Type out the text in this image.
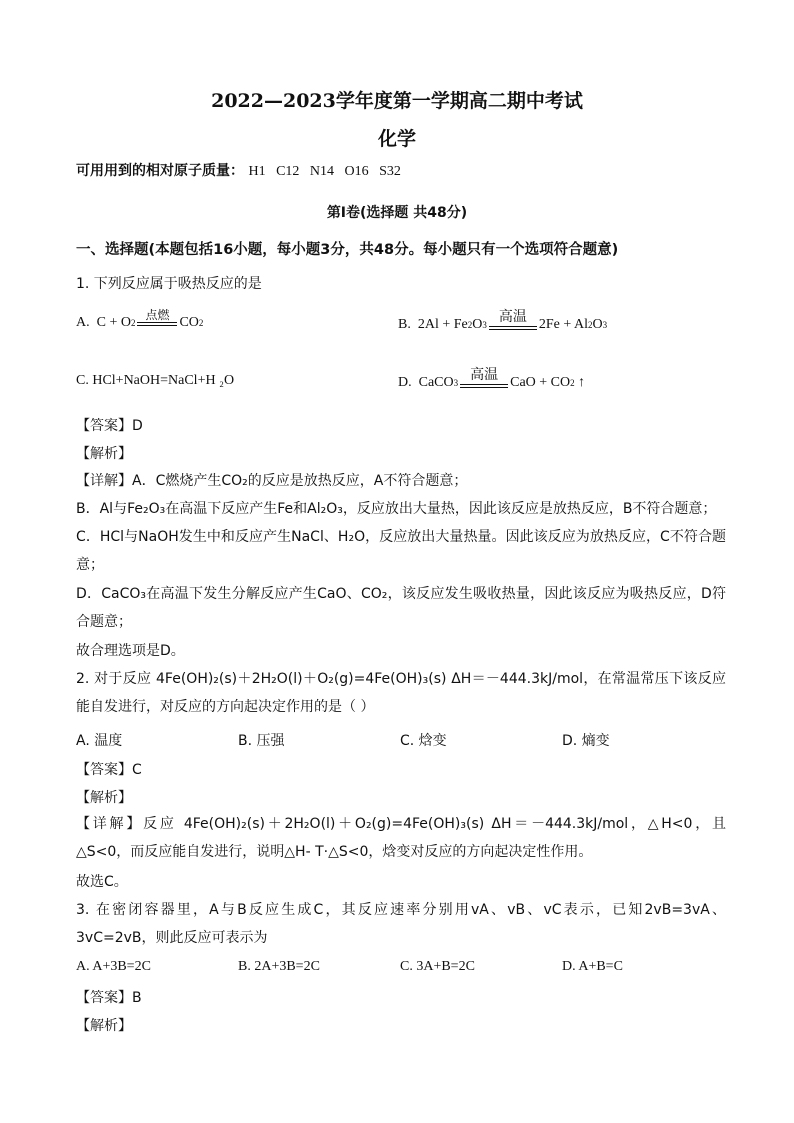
2022—2023学年度第一学期高二期中考试
化学
可用用到的相对原子质量： H1   C12   N14   O16   S32
第Ⅰ卷(选择题 共48分)
一、选择题(本题包括16小题，每小题3分，共48分。每小题只有一个选项符合题意)
1. 下列反应属于吸热反应的是
A.
C + O 2
点燃 CO 2	B.
2Al + Fe 2 O 3 高温 2Fe + Al 2 O 3
C. HCl+NaOH=NaCl+H ₂O	D.
CaCO 3 高温 CaO + CO 2 ↑
【答案】D
【解析】
【详解】A．C燃烧产生CO₂的反应是放热反应，A不符合题意；
B．Al与Fe₂O₃在高温下反应产生Fe和Al₂O₃，反应放出大量热，因此该反应是放热反应，B不符合题意；
C．HCl与NaOH发生中和反应产生NaCl、H₂O，反应放出大量热量。因此该反应为放热反应，C不符合题意；
D．CaCO₃在高温下发生分解反应产生CaO、CO₂，该反应发生吸收热量，因此该反应为吸热反应，D符合题意；
故合理选项是D。
2. 对于反应 4Fe(OH)₂(s)＋2H₂O(l)＋O₂(g)=4Fe(OH)₃(s) ΔH＝－444.3kJ/mol，在常温常压下该反应能自发进行，对反应的方向起决定作用的是（ ）
A. 温度	B. 压强	C. 焓变	D. 熵变
【答案】C
【解析】
【详解】反应 4Fe(OH)₂(s)＋2H₂O(l)＋O₂(g)=4Fe(OH)₃(s) ΔH＝－444.3kJ/mol，△H<0，且△S<0，而反应能自发进行，说明△H- T·△S<0，焓变对反应的方向起决定性作用。
故选C。
3. 在密闭容器里，A与B反应生成C，其反应速率分别用vA、vB、vC表示，已知2vB=3vA、3vC=2vB，则此反应可表示为
A. A+3B=2C	B. 2A+3B=2C	C. 3A+B=2C	D. A+B=C
【答案】B
【解析】
